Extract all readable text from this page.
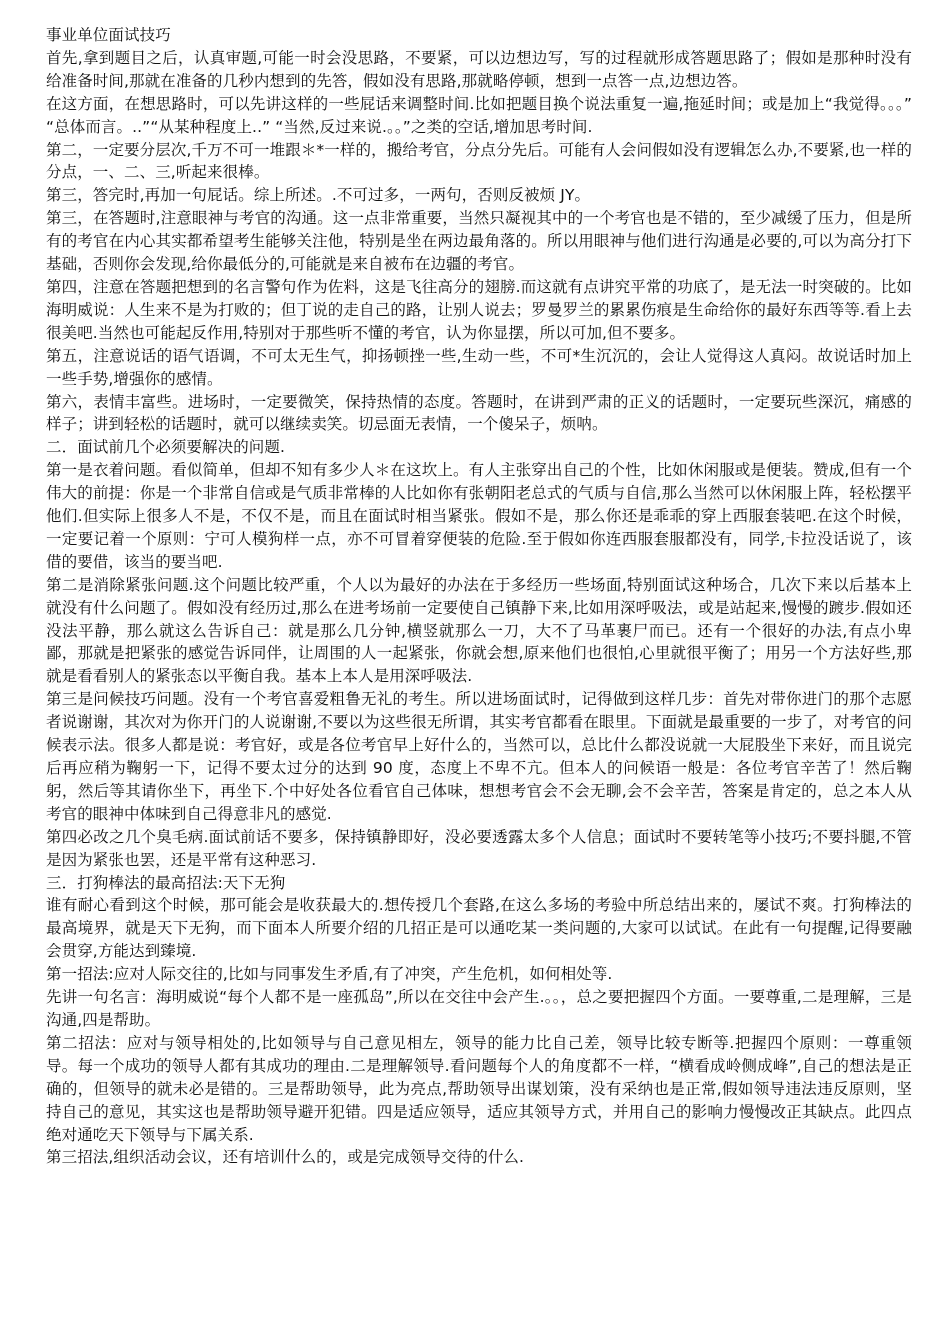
事业单位面试技巧

首先,拿到题目之后，认真审题,可能一时会没思路，不要紧，可以边想边写，写的过程就形成答题思路了；假如是那种时没有给准备时间,那就在准备的几秒内想到的先答，假如没有思路,那就略停顿，想到一点答一点,边想边答。

在这方面，在想思路时，可以先讲这样的一些屁话来调整时间.比如把题目换个说法重复一遍,拖延时间；或是加上“我觉得。。。” “总体而言。..”“从某种程度上..” “当然,反过来说.。。”之类的空话,增加思考时间.

第二，一定要分层次,千万不可一堆跟＊*一样的，搬给考官，分点分先后。可能有人会问假如没有逻辑怎么办,不要紧,也一样的分点，一、二、三,听起来很棒。

第三，答完时,再加一句屁话。综上所述。.不可过多，一两句，否则反被烦 JY。

第三，在答题时,注意眼神与考官的沟通。这一点非常重要，当然只凝视其中的一个考官也是不错的，至少减缓了压力，但是所有的考官在内心其实都希望考生能够关注他，特别是坐在两边最角落的。所以用眼神与他们进行沟通是必要的,可以为高分打下基础，否则你会发现,给你最低分的,可能就是来自被布在边疆的考官。

第四，注意在答题把想到的名言警句作为佐料，这是飞往高分的翅膀.而这就有点讲究平常的功底了，是无法一时突破的。比如海明威说：人生来不是为打败的；但丁说的走自己的路，让别人说去；罗曼罗兰的累累伤痕是生命给你的最好东西等等.看上去很美吧.当然也可能起反作用,特别对于那些听不懂的考官，认为你显摆，所以可加,但不要多。

第五，注意说话的语气语调，不可太无生气，抑扬顿挫一些,生动一些，不可*生沉沉的，会让人觉得这人真闷。故说话时加上一些手势,增强你的感情。

第六，表情丰富些。进场时，一定要微笑，保持热情的态度。答题时，在讲到严肃的正义的话题时，一定要玩些深沉，痛感的样子；讲到轻松的话题时，就可以继续卖笑。切忌面无表情，一个傻呆子，烦呐。

二．面试前几个必须要解决的问题.

第一是衣着问题。看似简单，但却不知有多少人＊在这坎上。有人主张穿出自己的个性，比如休闲服或是便装。赞成,但有一个伟大的前提：你是一个非常自信或是气质非常棒的人比如你有张朝阳老总式的气质与自信,那么当然可以休闲服上阵，轻松摆平他们.但实际上很多人不是，不仅不是，而且在面试时相当紧张。假如不是，那么你还是乖乖的穿上西服套装吧.在这个时候，一定要记着一个原则：宁可人模狗样一点，亦不可冒着穿便装的危险.至于假如你连西服套服都没有，同学,卡拉没话说了，该借的要借，该当的要当吧.

第二是消除紧张问题.这个问题比较严重，个人以为最好的办法在于多经历一些场面,特别面试这种场合，几次下来以后基本上就没有什么问题了。假如没有经历过,那么在进考场前一定要使自己镇静下来,比如用深呼吸法，或是站起来,慢慢的踱步.假如还没法平静，那么就这么告诉自己：就是那么几分钟,横竖就那么一刀，大不了马革裹尸而已。还有一个很好的办法,有点小卑鄙，那就是把紧张的感觉告诉同伴，让周围的人一起紧张，你就会想,原来他们也很怕,心里就很平衡了；用另一个方法好些,那就是看看别人的紧张态以平衡自我。基本上本人是用深呼吸法.

第三是问候技巧问题。没有一个考官喜爱粗鲁无礼的考生。所以进场面试时，记得做到这样几步：首先对带你进门的那个志愿者说谢谢，其次对为你开门的人说谢谢,不要以为这些很无所谓，其实考官都看在眼里。下面就是最重要的一步了，对考官的问候表示法。很多人都是说：考官好，或是各位考官早上好什么的，当然可以，总比什么都没说就一大屁股坐下来好，而且说完后再应稍为鞠躬一下，记得不要太过分的达到 90 度，态度上不卑不亢。但本人的问候语一般是：各位考官辛苦了！然后鞠躬，然后等其请你坐下，再坐下.个中好处各位看官自己体味，想想考官会不会无聊,会不会辛苦，答案是肯定的，总之本人从考官的眼神中体味到自己得意非凡的感觉.

第四必改之几个臭毛病.面试前话不要多，保持镇静即好，没必要透露太多个人信息；面试时不要转笔等小技巧;不要抖腿,不管是因为紧张也罢，还是平常有这种恶习.

三．打狗棒法的最高招法:天下无狗

谁有耐心看到这个时候，那可能会是收获最大的.想传授几个套路,在这么多场的考验中所总结出来的，屡试不爽。打狗棒法的最高境界，就是天下无狗，而下面本人所要介绍的几招正是可以通吃某一类问题的,大家可以试试。在此有一句提醒,记得要融会贯穿,方能达到臻境.

第一招法:应对人际交往的,比如与同事发生矛盾,有了冲突，产生危机，如何相处等.

先讲一句名言：海明威说“每个人都不是一座孤岛”,所以在交往中会产生.。。，总之要把握四个方面。一要尊重,二是理解，三是沟通,四是帮助。

第二招法：应对与领导相处的,比如领导与自己意见相左，领导的能力比自己差，领导比较专断等.把握四个原则：一尊重领导。每一个成功的领导人都有其成功的理由.二是理解领导.看问题每个人的角度都不一样，“横看成岭侧成峰”,自己的想法是正确的，但领导的就未必是错的。三是帮助领导，此为亮点,帮助领导出谋划策，没有采纳也是正常,假如领导违法违反原则，坚持自己的意见，其实这也是帮助领导避开犯错。四是适应领导，适应其领导方式，并用自己的影响力慢慢改正其缺点。此四点绝对通吃天下领导与下属关系.

第三招法,组织活动会议，还有培训什么的，或是完成领导交待的什么.
